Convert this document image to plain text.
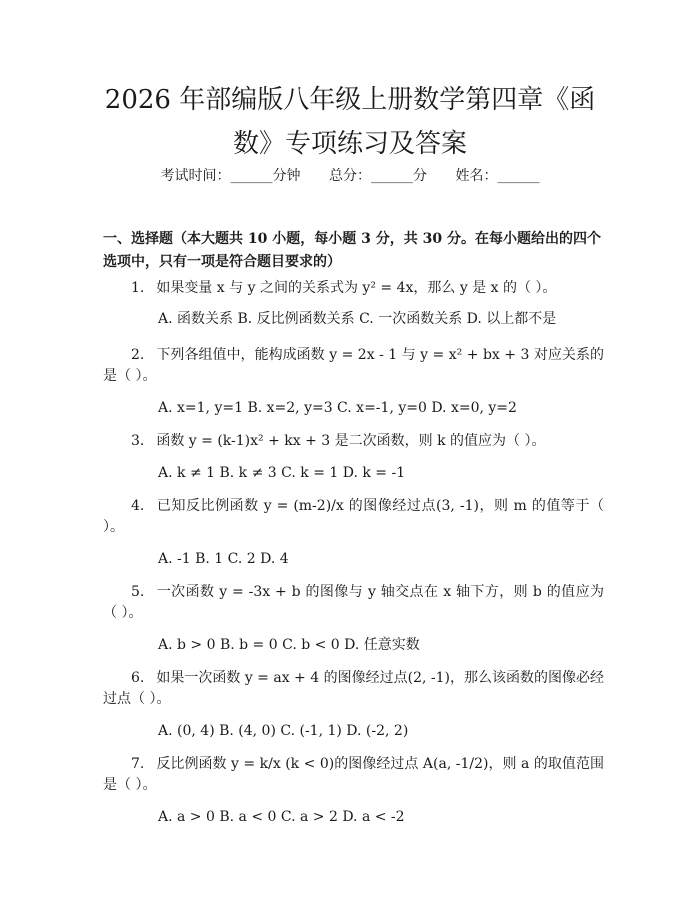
2026 年部编版八年级上册数学第四章《函
数》专项练习及答案
考试时间：______分钟 总分：______分 姓名：______

一、选择题（本大题共 10 小题，每小题 3 分，共 30 分。在每小题给出的四个选项中，只有一项是符合题目要求的）

1. 如果变量 x 与 y 之间的关系式为 y² = 4x，那么 y 是 x 的（ ）。

A. 函数关系 B. 反比例函数关系 C. 一次函数关系 D. 以上都不是

2. 下列各组值中，能构成函数 y = 2x - 1 与 y = x² + bx + 3 对应关系的是（ ）。

A. x=1, y=1 B. x=2, y=3 C. x=-1, y=0 D. x=0, y=2

3. 函数 y = (k-1)x² + kx + 3 是二次函数，则 k 的值应为（ ）。

A. k ≠ 1 B. k ≠ 3 C. k = 1 D. k = -1

4. 已知反比例函数 y = (m-2)/x 的图像经过点(3, -1)，则 m 的值等于（ ）。

A. -1 B. 1 C. 2 D. 4

5. 一次函数 y = -3x + b 的图像与 y 轴交点在 x 轴下方，则 b 的值应为（ ）。

A. b > 0 B. b = 0 C. b < 0 D. 任意实数

6. 如果一次函数 y = ax + 4 的图像经过点(2, -1)，那么该函数的图像必经过点（ ）。

A. (0, 4) B. (4, 0) C. (-1, 1) D. (-2, 2)

7. 反比例函数 y = k/x (k < 0)的图像经过点 A(a, -1/2)，则 a 的取值范围是（ ）。

A. a > 0 B. a < 0 C. a > 2 D. a < -2
